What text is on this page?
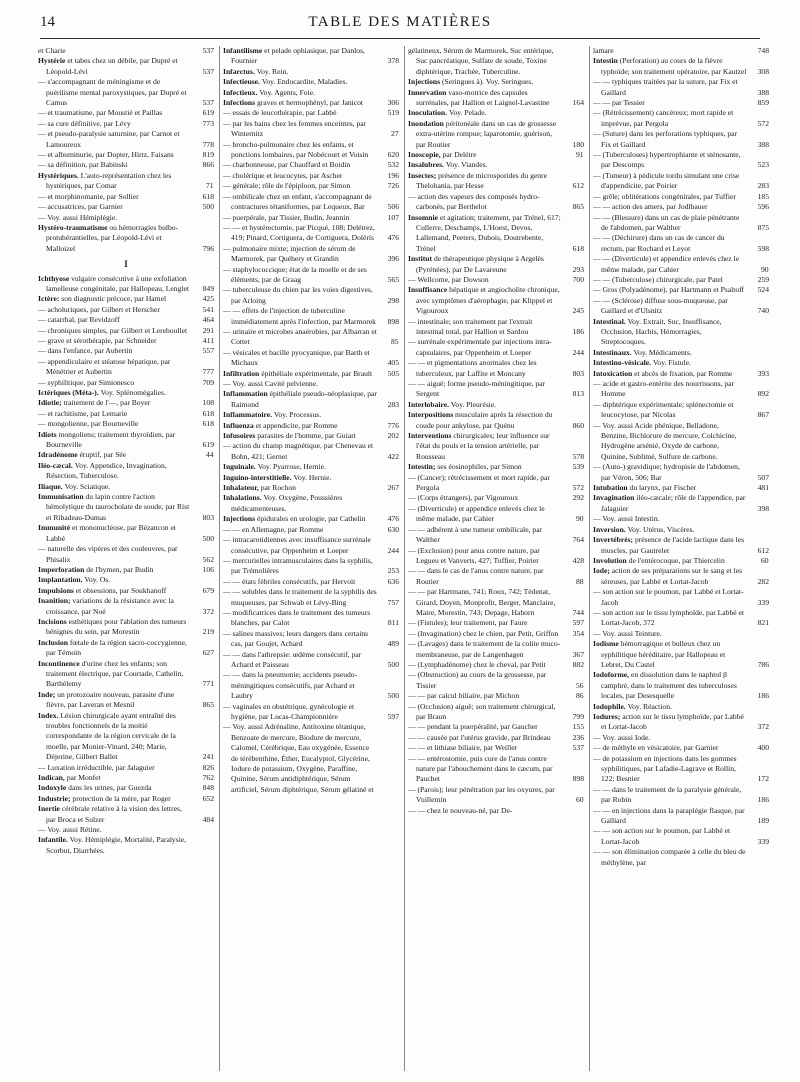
14	TABLE DES MATIÈRES
et Charie	537
Hystérie et tabes chez un débile, par Dupré et Léopold-Lévi	537
— s'accompagnant de méningisme et de puérilisme mental paroxystiques, par Dupré et Camus	537
— et traumatisme, par Moustié et Paillas	619
— sa cure définitive, par Lévy	773
— et pseudo-paralysie saturnine, par Carnot et Lamoureux	778
— et albuminurie, par Dopter, Hirtz, Faisans	819
— sa définition, par Babinski	866
Hystériques. L'auto-représentation chez les hystériques, par Comar	71
— et morphinomanie, par Sollier	618
— accusatrices, par Garnier	500
— Voy. aussi Hémiplégie.
Hystéro-traumatisme ou hémorragies bulbo-protubérantielles, par Léopold-Lévi et Malloizel	796
I
Ichthyose vulgaire consécutive à une exfoliation lamelleuse congénitale, par Hallopeau, Lenglet 849
Ictère: son diagnostic précoce, par Hamel	425
— acholuriques, par Gilbert et Herscher	541
— catarrhal, par Revidzoff	464
— chroniques simples, par Gilbert et Lereboullet 291
— grave et sérothérapie, par Schneider	411
— dans l'enfance, par Aubertin	557
— appendiculaire et stéatose hépatique, par Ménétrier et Aubertin	777
— syphilitique, par Simionesco	709
Ictériques (Méta-). Voy. Splénomégalies.
Idiotie; traitement de l'—, par Boyer	108
— et rachitisme, par Lemarie	618
— mongolienne, par Bourneville	618
Idiots mongoliens; traitement thyroïdien, par Bourneville	619
Idradénome éruptif, par Sée	44
Iléo-cæcal. Voy. Appendice, Invagination, Résection, Tuberculose.
Iliaque. Voy. Sciatique.
Immunisation du lapin contre l'action hémolytique du taurocholate de soude, par Rist et Ribadeau-Dumas	803
Immunité et mononucléose, par Bézancon et Labbé	500
— naturelle des vipères et des couleuvres, par Phisalix	562
Imperforation de l'hymen, par Budin	106
Implantation. Voy. Os.
Impulsions et obsessions, par Soukhanoff	679
Inanition; variations de la résistance avec la croissance, par Noé	372
Incisions esthétiques pour l'ablation des tumeurs bénignes du sein, par Morestin	219
Inclusion fœtale de la région sacro-coccygienne, par Témoin	627
Incontinence d'urine chez les enfants; son traitement électrique, par Courtade, Cathelin, Barthélemy	771
Inde; un protozoaire nouveau, parasite d'une fièvre, par Laveran et Mesnil	865
Index. Lésion chirurgicale ayant entraîné des troubles fonctionnels de la moitié correspondante de la région cervicale de la moelle, par Monier-Vinard, 240; Marie, Déjerine, Gilbert Ballet	241
— Luxation irréductible, par Jalaguier	826
Indican, par Monfet	762
Indoxyle dans les urines, par Guezda	848
Industrie; protection de la mère, par Roger	652
Inertie cérébrale relative à la vision des lettres, par Broca et Sulzer	484
— Voy. aussi Rétine.
Infantile. Voy. Hémiplégie, Mortalité, Paralysie, Scorbut, Diarrhées.
Infantilisme et pelade ophiasique, par Danlos, Fournier	378
Infarctus. Voy. Rein.
Infectieuse. Voy. Endocardite, Maladies.
Infectieux. Voy. Agents, Foie.
Infections graves et hermophényl, par Janicot	306
— essais de leucothérapie, par Labbé	519
— par les bains chez les femmes enceintes, par Winternitz	27
— broncho-pulmonaire chez les enfants, et ponctions lombaires, par Nobécourt et Voisin	620
— charbonneuse, par Chauffard et Boidin	532
— cholérique et leucocytes, par Ascher	196
— générale; rôle de l'épiploon, par Simon	726
— ombilicale chez un enfant, s'accompagnant de contractures tétaniformes, par Lequeux, Bar	506
— puerpérale, par Tissier, Budin, Jeannin	107
— — et hystérectomie, par Picqué, 108; Delétrez, 419; Pinard, Cortiguera, de Cortiguera, Dolérís 476
— pulmonaire mixte; injection de sérum de Marmorek, par Quéhery et Grandin	396
— staphylococcique; état de la moelle et de ses éléments, par de Graag	565
— tuberculeuse du chien par les voies digestives, par Arloing	298
— — effets de l'injection de tuberculine immédiatement après l'infection, par Marmorek 898
— urinaire et microbes anaérobies, par Albarran et Cottet	85
— vésicales et bacille pyocyanique, par Barth et Michaux	405
Infiltration épithéliale expérimentale, par Brault 505
— Voy. aussi Cavité pelvienne.
Inflammation épithéliale pseudo-néoplasique, par Raimond	283
Inflammatoire. Voy. Processus.
Influenza et appendicite, par Romme	776
Infusoires parasites de l'homme, par Guiart	202
— action du champ magnétique, par Chenevau et Bohn, 421; Gernet	422
Inguinale. Voy. Pyarrose, Hernie.
Inguino-interstitielle. Voy. Hernie.
Inhalateur, par Rochon	267
Inhalations. Voy. Oxygène, Poussières médicamenteuses.
Injections épidurales en urologie, par Cathelin	476
— — en Allemagne, par Romme	630
— intracarotidiennes avec insuffisance surrénale consécutive, par Oppenheim et Loeper	244
— mercurielles intramusculaires dans la syphilis, par Trémolières	253
— — états fébriles consécutifs, par Hervoit	636
— — solubles dans le traitement de la syphilis des muqueuses, par Schwab et Lévy-Bing	757
— modificatrices dans le traitement des tumeurs blanches, par Calot	811
— salines massives; leurs dangers dans certains cas, par Goujet, Achard	489
— — dans l'athrepsie: œdème consécutif, par Achard et Paisseau	500
— — dans la pneumonie; accidents pseudo-méningitiques consécutifs, par Achard et Laubry	500
— vaginales en obstétrique, gynécologie et hygiène, par Lucas-Championnière	597
— Voy. aussi Adrénaline, Antitoxine tétanique, Benzoate de mercure, Biodure de mercure, Calomel, Cérébrique, Eau oxygénée, Essence de térébenthine, Éther, Eucalyptol, Glycérine, Iodure de potassium, Oxygène, Paraffine, Quinine, Sérum antidiphtérique, Sérum artificiel, Sérum diphtérique, Sérum gélatiné et
gélatineux, Sérum de Marmorek, Suc entérique, Suc pancréatique, Sulfate de soude, Toxine diphtérique, Trachée, Tuberculine.
Injections (Seringues à). Voy. Seringues.
Innervation vaso-motrice des capsules surrénales, par Hallion et Laignel-Lavastine	164
Inoculation. Voy. Pelade.
Inondation péritonéale dans un cas de grossesse extra-utérine rompue; laparotomie, guérison, par Routier	180
Inoscopie, par Delétre	91
Insalubres. Voy. Viandes.
Insectes; présence de microsporides du genre Thelohania, par Hesse	612
— action des vapeurs des composés hydro-carbonés, par Berthelot	865
Insomnie et agitation; traitement, par Trénel, 617; Cullerre, Deschamps, L'Hoest, Devos, Lallemand, Peeters, Dubois, Doutrebente, Trénel	618
Institut de thérapeutique physique à Argelès (Pyrénées), par De Lavareune	293
— Wellcome, par Dowson	700
Insuffisance hépatique et angiocholite chronique, avec symptômes d'aérophagie, par Klippel et Vigouroux	245
— intestinale; son traitement par l'extrait intestinal total, par Hallion et Sardou	186
— surrénale expérimentale par injections intra-capsulaires, par Oppenheim et Loeper	244
— — et pigmentations anormales chez les tuberculeux, par Laffite et Moncany	803
— — aiguë; forme pseudo-méningitique, par Sergent	813
Interlobaire. Voy. Pleurésie.
Interpositions musculaire après la résection du coude pour ankylose, par Quénu	860
Interventions chirurgicales; leur influence sur l'état du pouls et la tension artérielle, par Rousseau	578
Intestin; ses éosinophiles, par Simon	539
— (Cancer); rétrécissement et mort rapide, par Pergola	572
— (Corps étrangers), par Vigouroux	292
— (Diverticule) et appendice enlevés chez le même malade, par Cahier	90
— — adhérent à une tumeur ombilicale, par Walther	764
— (Exclusion) pour anus contre nature, par Legueu et Vanverts, 427; Tuffier, Poirier	428
— — dans le cas de l'anus contre nature, par Routier	88
— — par Hartmann, 741; Roux, 742; Tédenat, Girard, Doyen, Monprofit, Berger, Manclaire, Maire, Morestin, 743; Depage, Hahorn	744
— (Fistules); leur traitement, par Faure	597
— (Invagination) chez le chien, par Petit, Griffon 354
— (Lavages) dans le traitement de la colite muco-membraneuse, par de Langenhagen	367
— (Lymphadénome) chez le cheval, par Petit	882
— (Obstruction) au cours de la grossesse, par Tissier	56
— — par calcul biliaire, par Michon	86
— (Occlusion) aiguë; son traitement chirurgical, par Braun	799
— — pendant la puerpéralité, par Gaucher	155
— — causée par l'utérus gravide, par Brindeau	236
— — et lithiase biliaire, par Weiller	537
— — entérostomie, puis cure de l'anus contre nature par l'abouchement dans le cæcum, par Pauchet	898
— (Parois); leur pénétration par les oxyures, par Vuillemin	60
— — chez le nouveau-né, par De-
lamare	748
Intestin (Perforation) au cours de la fièvre typhoïde; son traitement opératoire, par Kautzel 308
— — typhiques traitées par la suture, par Fix et Gaillard	388
— — par Tessier	859
— (Rétrécissement) cancéreux; mort rapide et imprévue, par Pergola	572
— (Suture) dans les perforations typhiques, par Fix et Gaillard	388
— (Tuberculoses) hypertrophiante et sténosante, par Descomps	523
— (Tumeur) à pédicule tordu simulant une crise d'appendicite, par Poirier	283
— grêle; oblitérations congénitales, par Tuffier	185
— — action des amers, par Jodlbauer	596
— — (Blessure) dans un cas de plaie pénétrante de l'abdomen, par Walther	875
— — (Déchirure) dans un cas de cancer du rectum, par Rochard et Leyot	598
— — (Diverticule) et appendice enlevés chez le même malade, par Cahier	90
— — (Tuberculose) chirurgicale, par Patel	259
— Gros (Polyadénome), par Hartmann et Psaltoff 524
— — (Sclérose) diffuse sous-muqueuse, par Gaillard et d'Ulsnitz	740
Intestinal. Voy. Extrait, Suc, Insuffisance, Occlusion, Hachis, Hémorragies, Streptocoques.
Intestinaux. Voy. Médicaments.
Intestino-vésicale. Voy. Fistule.
Intoxication et abcès de fixation, par Romme	393
— acide et gastro-entérite des nourrissons, par Homme	892
— diphtérique expérimentale; splénectomie et leucocytose, par Nicolas	867
— Voy. aussi Acide phénique, Belladone, Benzine, Bichlorure de mercure, Colchicine, Hydrogène arsénié, Oxyde de carbone, Quinine, Sublimé, Sulfure de carbone.
— (Auto-) gravidique; hydropisie de l'abdomen, par Véron, 506; Bar	507
Intubation du larynx, par Fischer	481
Invagination iléo-cæcale; rôle de l'appendice, par Jalaguier	398
— Voy. aussi Intestin.
Inversion. Voy. Utérus, Viscères.
Invertébrés; présence de l'acide lactique dans les muscles, par Gautrelet	612
Involution de l'entérocoque, par Thiercelin	60
Iode; action de ses préparations sur le sang et les séreuses, par Labbé et Lortat-Jacob	282
— son action sur le poumon, par Labbé et Lortat-Jacob	339
— son action sur le tissu lymphoïde, par Labbé et Lortat-Jacob, 372	821
— Voy. aussi Teinture.
Iodisme hémorragique et bulleux chez un syphilitique héréditaire, par Hallopeau et Lebret, Du Castel	786
Iodoforme, en dissolution dans le naphtol β camphré, dans le traitement des tuberculoses locales, par Desesquelle	186
Iodophile. Voy. Réaction.
Iodures; action sur le tissu lymphoïde, par Labbé et Lortat-Jacob	372
— Voy. aussi Iode.
— de méthyle en vésicatoire, par Garnier	400
— de potassium en injections dans les gommes syphilitiques, par Lafadie-Lagrave et Rollin, 122; Besnier	172
— — dans le traitement de la paralysie générale, par Robin	186
— — en injections dans la paraplégie flasque, par Galliard	189
— — son action sur le poumon, par Labbé et Lortat-Jacob	339
— — son élimination comparée à celle du bleu de méthylène, par
